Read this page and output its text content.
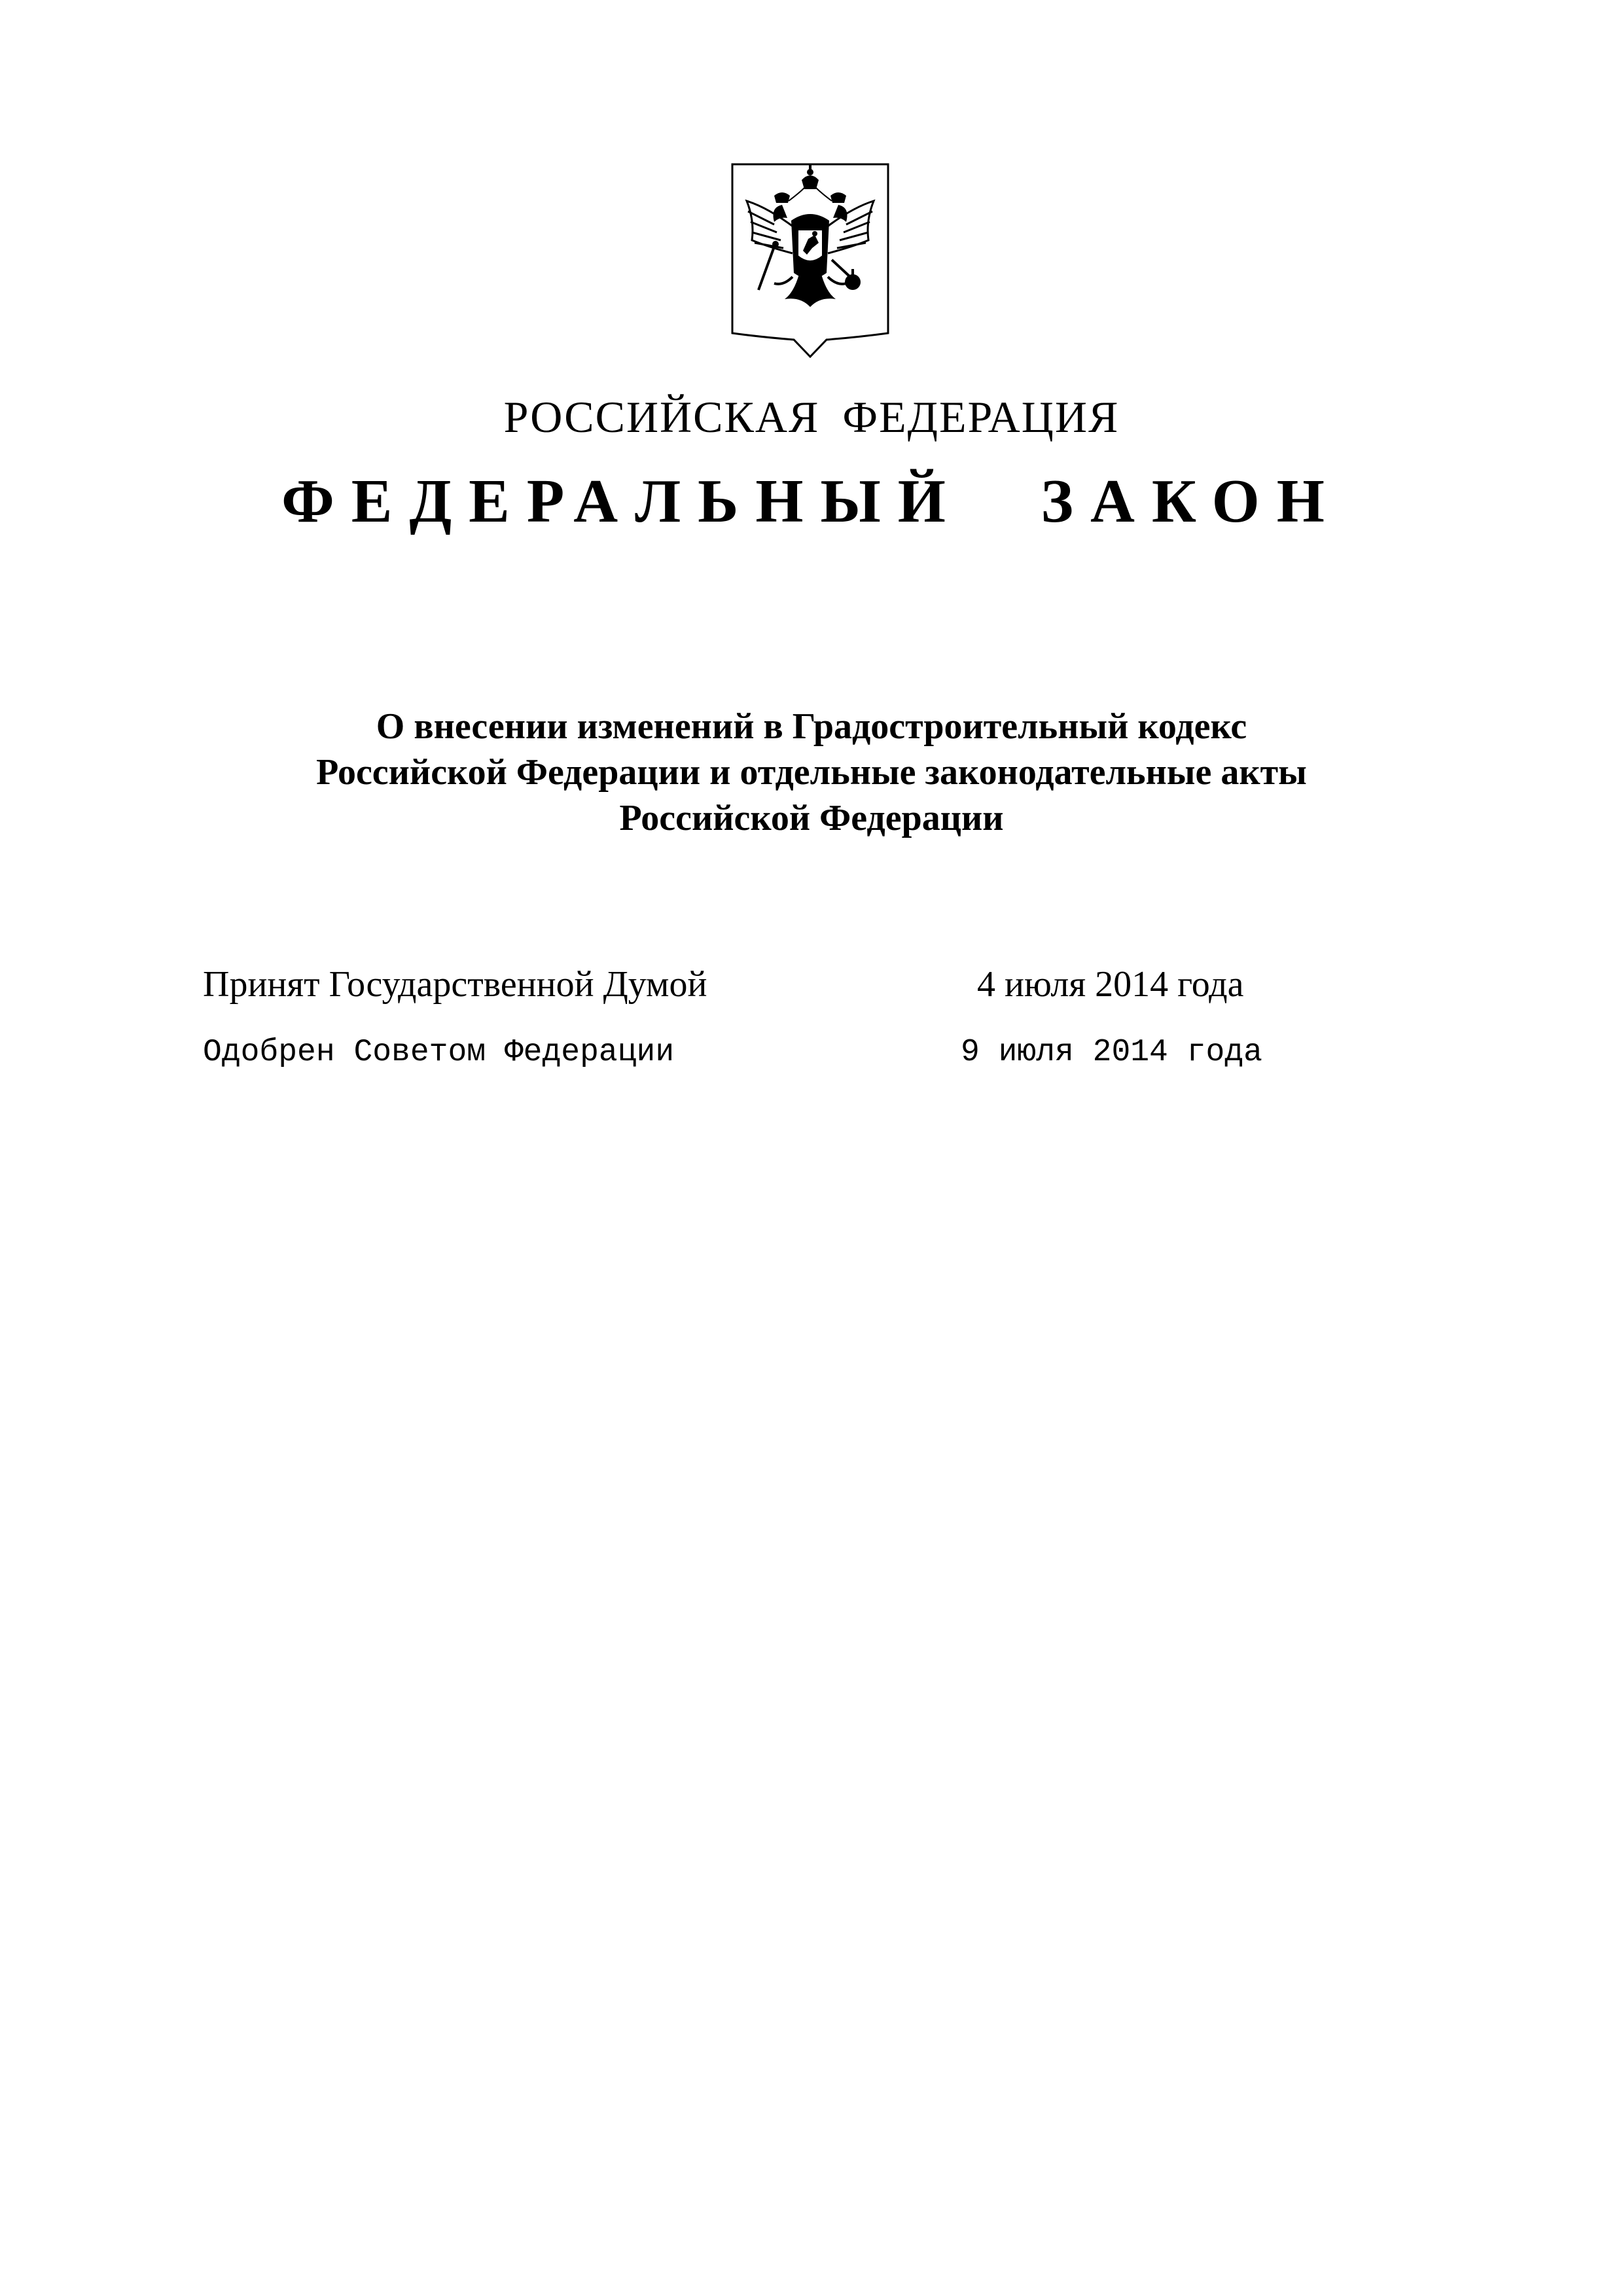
РОССИЙСКАЯ ФЕДЕРАЦИЯ
ФЕДЕРАЛЬНЫЙ ЗАКОН
О внесении изменений в Градостроительный кодекс
Российской Федерации и отдельные законодательные акты
Российской Федерации
Принят Государственной Думой	4 июля 2014 года
Одобрен Советом Федерации	9 июля 2014 года
